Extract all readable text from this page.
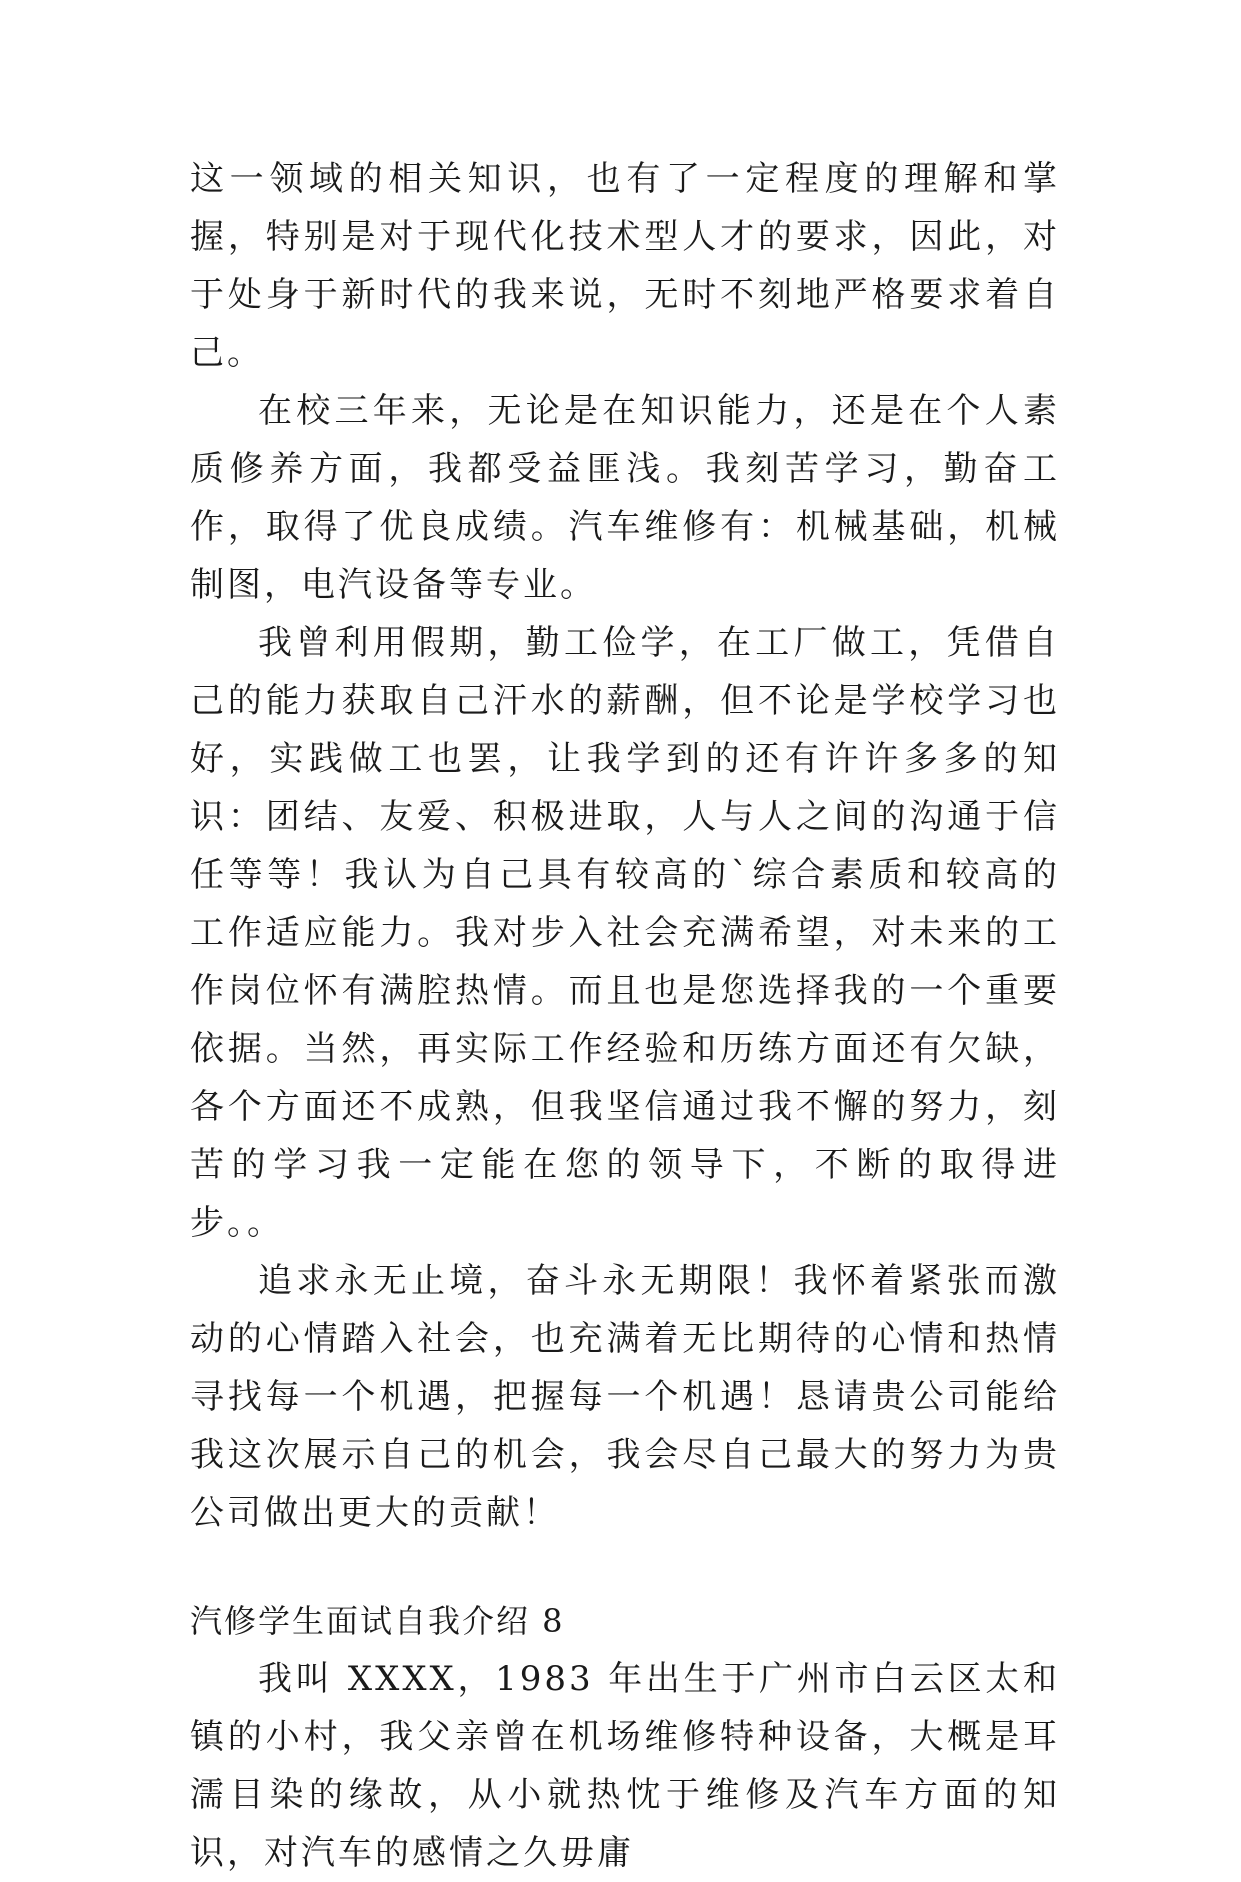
这一领域的相关知识，也有了一定程度的理解和掌握，特别是对于现代化技术型人才的要求，因此，对于处身于新时代的我来说，无时不刻地严格要求着自己。

在校三年来，无论是在知识能力，还是在个人素质修养方面，我都受益匪浅。我刻苦学习，勤奋工作，取得了优良成绩。汽车维修有：机械基础，机械制图，电汽设备等专业。

我曾利用假期，勤工俭学，在工厂做工，凭借自己的能力获取自己汗水的薪酬，但不论是学校学习也好，实践做工也罢，让我学到的还有许许多多的知识：团结、友爱、积极进取，人与人之间的沟通于信任等等！我认为自己具有较高的`综合素质和较高的工作适应能力。我对步入社会充满希望，对未来的工作岗位怀有满腔热情。而且也是您选择我的一个重要依据。当然，再实际工作经验和历练方面还有欠缺，各个方面还不成熟，但我坚信通过我不懈的努力，刻苦的学习我一定能在您的领导下，不断的取得进步。。

追求永无止境，奋斗永无期限！我怀着紧张而激动的心情踏入社会，也充满着无比期待的心情和热情寻找每一个机遇，把握每一个机遇！恳请贵公司能给我这次展示自己的机会，我会尽自己最大的努力为贵公司做出更大的贡献！

汽修学生面试自我介绍 8

我叫 XXXX，1983 年出生于广州市白云区太和镇的小村，我父亲曾在机场维修特种设备，大概是耳濡目染的缘故，从小就热忱于维修及汽车方面的知识，对汽车的感情之久毋庸
